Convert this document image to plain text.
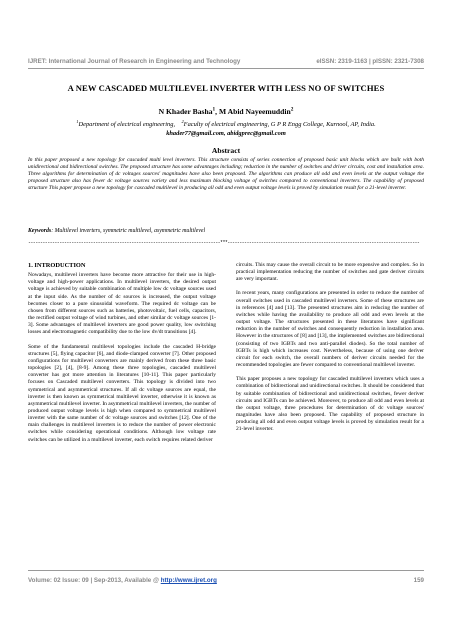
IJRET: International Journal of Research in Engineering and Technology	eISSN: 2319-1163 | pISSN: 2321-7308
A NEW CASCADED MULTILEVEL INVERTER WITH LESS NO OF SWITCHES
N Khader Basha$^1$, M Abid Nayeemuddin$^2$
$^1$Department of electrical engineering, $^2$Faculty of electrical engineering, G P R Engg College, Kurnool, AP, India.
khader77@gmail.com, abidgprec@gmail.com
Abstract
In this paper proposed a new topology for cascaded multi level inverters. This structure consists of series connection of proposed basic unit blocks which are built with both unidirectional and bidirectional switches. The proposed structure has some advantages including; reduction in the number of switches and driver circuits, cost and installation area. Three algorithms for determination of dc voltages sources' magnitudes have also been proposed. The algorithms can produce all odd and even levels at the output voltage the proposed structure also has fewer dc voltage sources variety and less maximum blocking voltage of switches compared to conventional inverters. The capability of proposed structure This paper propose a new topology for cascaded multilevel in producing all odd and even output voltage levels is proved by simulation result for a 21-level inverter.
Keywords: Multilevel inverters, symmetric multilevel, asymmetric multilevel
--------------------------------------------------------------------------------***--------------------------------------------------------------------------------
1. INTRODUCTION

Nowadays, multilevel inverters have become more attractive for their use in high-voltage and high-power applications. In multilevel inverters, the desired output voltage is achieved by suitable combination of multiple low dc voltage sources used at the input side. As the number of dc sources is increased, the output voltage becomes closer to a pure sinusoidal waveform. The required dc voltage can be chosen from different sources such as batteries, photovoltaic, fuel cells, capacitors, the rectified output voltage of wind turbines, and other similar dc voltage sources [1-3]. Some advantages of multilevel inverters are good power quality, low switching losses and electromagnetic compatibility due to the low dv/dt transitions [4].

Some of the fundamental multilevel topologies include the cascaded H-bridge structures [5], flying capacitor [6], and diode-clamped converter [7]. Other proposed configurations for multilevel converters are mainly derived from these three basic topologies [2], [4], [8-9]. Among these three topologies, cascaded multilevel converter has got more attention in literatures [10-11]. This paper particularly focuses on Cascaded multilevel converters. This topology is divided into two symmetrical and asymmetrical structures. If all dc voltage sources are equal, the inverter is then known as symmetrical multilevel inverter, otherwise it is known as asymmetrical multilevel inverter. In asymmetrical multilevel inverters, the number of produced output voltage levels is high when compared to symmetrical multilevel inverter with the same number of dc voltage sources and switches [12]. One of the main challenges in multilevel inverters is to reduce the number of power electronic switches while considering operational conditions. Although low voltage rate switches can be utilized in a multilevel inverter, each switch requires related deriver

circuits. This may cause the overall circuit to be more expensive and complex. So in practical implementation reducing the number of switches and gate deriver circuits are very important.

In recent years, many configurations are presented in order to reduce the number of overall switches used in cascaded multilevel inverters. Some of these structures are in references [4] and [13]. The presented structures aim in reducing the number of switches while having the availability to produce all odd and even levels at the output voltage. The structures presented in these literatures have significant reduction in the number of switches and consequently reduction in installation area. However in the structures of [8] and [13], the implemented switches are bidirectional (consisting of two IGBTs and two anti-parallel diodes). So the total number of IGBTs is high which increases cost. Nevertheless, because of using one deriver circuit for each switch, the overall numbers of deriver circuits needed for the recommended topologies are fewer compared to conventional multilevel inverter.

This paper proposes a new topology for cascaded multilevel inverters which uses a combination of bidirectional and unidirectional switches. It should be considered that by suitable combination of bidirectional and unidirectional switches, fewer deriver circuits and IGBTs can be achieved. Moreover, to produce all odd and even levels at the output voltage, three procedures for determination of dc voltage sources' magnitudes have also been proposed. The capability of proposed structure in producing all odd and even output voltage levels is proved by simulation result for a 21-level inverter.

Volume: 02 Issue: 09 | Sep-2013, Available @ http://www.ijret.org	159
